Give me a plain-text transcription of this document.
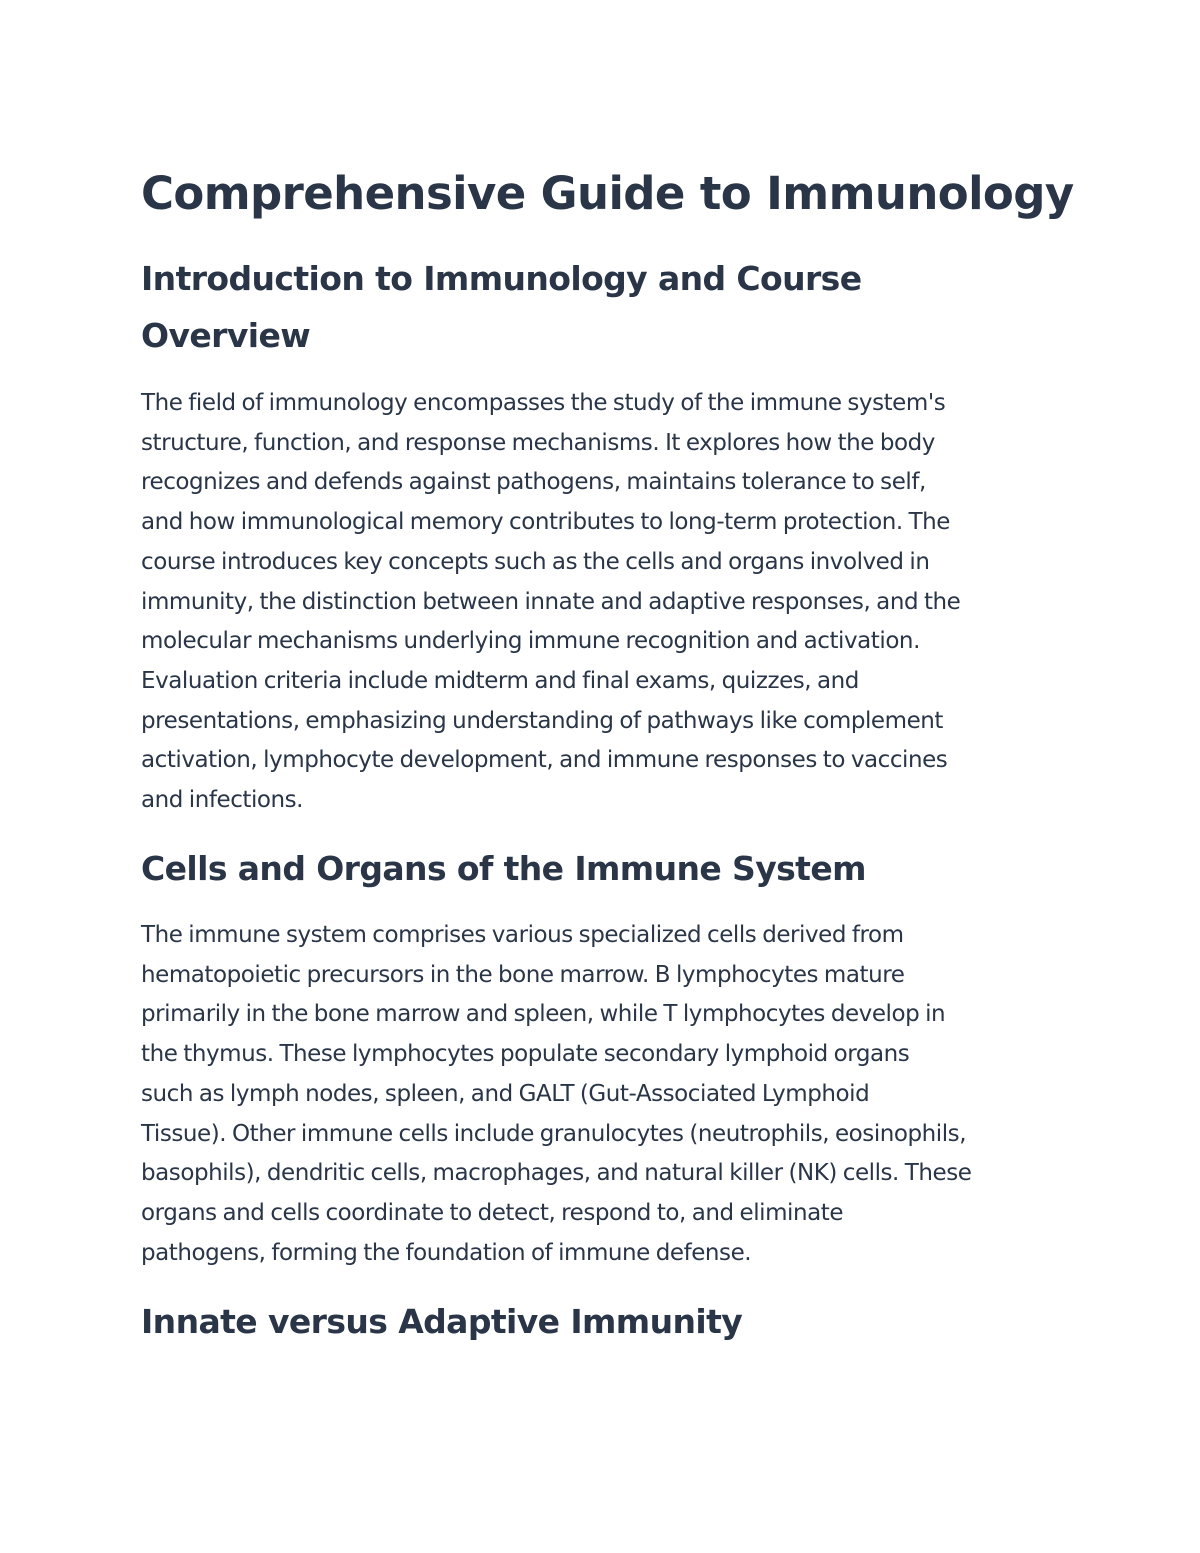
Comprehensive Guide to Immunology
Introduction to Immunology and Course
Overview

The field of immunology encompasses the study of the immune system's
structure, function, and response mechanisms. It explores how the body
recognizes and defends against pathogens, maintains tolerance to self,
and how immunological memory contributes to long-term protection. The
course introduces key concepts such as the cells and organs involved in
immunity, the distinction between innate and adaptive responses, and the
molecular mechanisms underlying immune recognition and activation.
Evaluation criteria include midterm and final exams, quizzes, and
presentations, emphasizing understanding of pathways like complement
activation, lymphocyte development, and immune responses to vaccines
and infections.

Cells and Organs of the Immune System

The immune system comprises various specialized cells derived from
hematopoietic precursors in the bone marrow. B lymphocytes mature
primarily in the bone marrow and spleen, while T lymphocytes develop in
the thymus. These lymphocytes populate secondary lymphoid organs
such as lymph nodes, spleen, and GALT (Gut-Associated Lymphoid
Tissue). Other immune cells include granulocytes (neutrophils, eosinophils,
basophils), dendritic cells, macrophages, and natural killer (NK) cells. These
organs and cells coordinate to detect, respond to, and eliminate
pathogens, forming the foundation of immune defense.

Innate versus Adaptive Immunity
